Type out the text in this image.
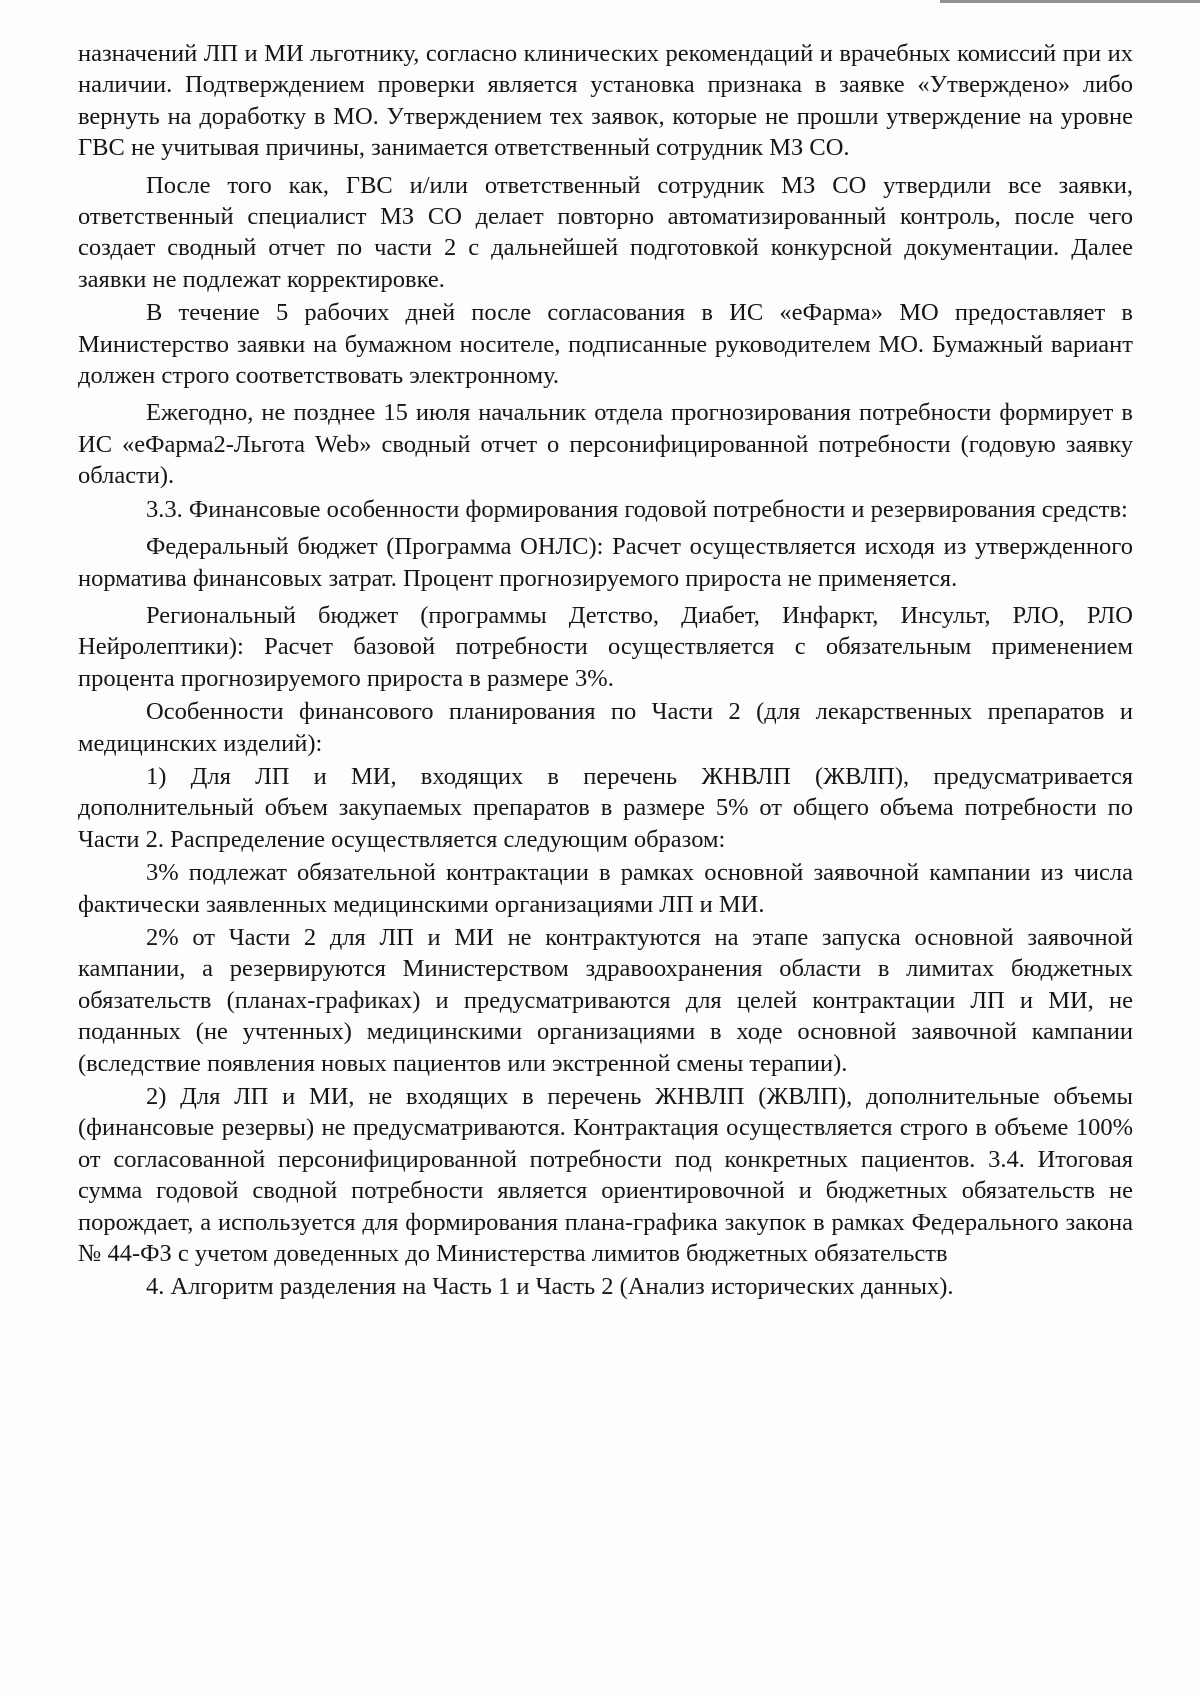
назначений ЛП и МИ льготнику, согласно клинических рекомендаций и врачебных комиссий при их наличии. Подтверждением проверки является установка признака в заявке «Утверждено» либо вернуть на доработку в МО. Утверждением тех заявок, которые не прошли утверждение на уровне ГВС не учитывая причины, занимается ответственный сотрудник МЗ СО.

После того как, ГВС и/или ответственный сотрудник МЗ СО утвердили все заявки, ответственный специалист МЗ СО делает повторно автоматизированный контроль, после чего создает сводный отчет по части 2 с дальнейшей подготовкой конкурсной документации. Далее заявки не подлежат корректировке.

В течение 5 рабочих дней после согласования в ИС «еФарма» МО предоставляет в Министерство заявки на бумажном носителе, подписанные руководителем МО. Бумажный вариант должен строго соответствовать электронному.

Ежегодно, не позднее 15 июля начальник отдела прогнозирования потребности формирует в ИС «еФарма2-Льгота Web» сводный отчет о персонифицированной потребности (годовую заявку области).

3.3. Финансовые особенности формирования годовой потребности и резервирования средств:

Федеральный бюджет (Программа ОНЛС): Расчет осуществляется исходя из утвержденного норматива финансовых затрат. Процент прогнозируемого прироста не применяется.

Региональный бюджет (программы Детство, Диабет, Инфаркт, Инсульт, РЛО, РЛО Нейролептики): Расчет базовой потребности осуществляется с обязательным применением процента прогнозируемого прироста в размере 3%.

Особенности финансового планирования по Части 2 (для лекарственных препаратов и медицинских изделий):

1) Для ЛП и МИ, входящих в перечень ЖНВЛП (ЖВЛП), предусматривается дополнительный объем закупаемых препаратов в размере 5% от общего объема потребности по Части 2. Распределение осуществляется следующим образом:

3% подлежат обязательной контрактации в рамках основной заявочной кампании из числа фактически заявленных медицинскими организациями ЛП и МИ.

2% от Части 2 для ЛП и МИ не контрактуются на этапе запуска основной заявочной кампании, а резервируются Министерством здравоохранения области в лимитах бюджетных обязательств (планах-графиках) и предусматриваются для целей контрактации ЛП и МИ, не поданных (не учтенных) медицинскими организациями в ходе основной заявочной кампании (вследствие появления новых пациентов или экстренной смены терапии).

2) Для ЛП и МИ, не входящих в перечень ЖНВЛП (ЖВЛП), дополнительные объемы (финансовые резервы) не предусматриваются. Контрактация осуществляется строго в объеме 100% от согласованной персонифицированной потребности под конкретных пациентов. 3.4. Итоговая сумма годовой сводной потребности является ориентировочной и бюджетных обязательств не порождает, а используется для формирования плана-графика закупок в рамках Федерального закона № 44-ФЗ с учетом доведенных до Министерства лимитов бюджетных обязательств

4. Алгоритм разделения на Часть 1 и Часть 2 (Анализ исторических данных).
